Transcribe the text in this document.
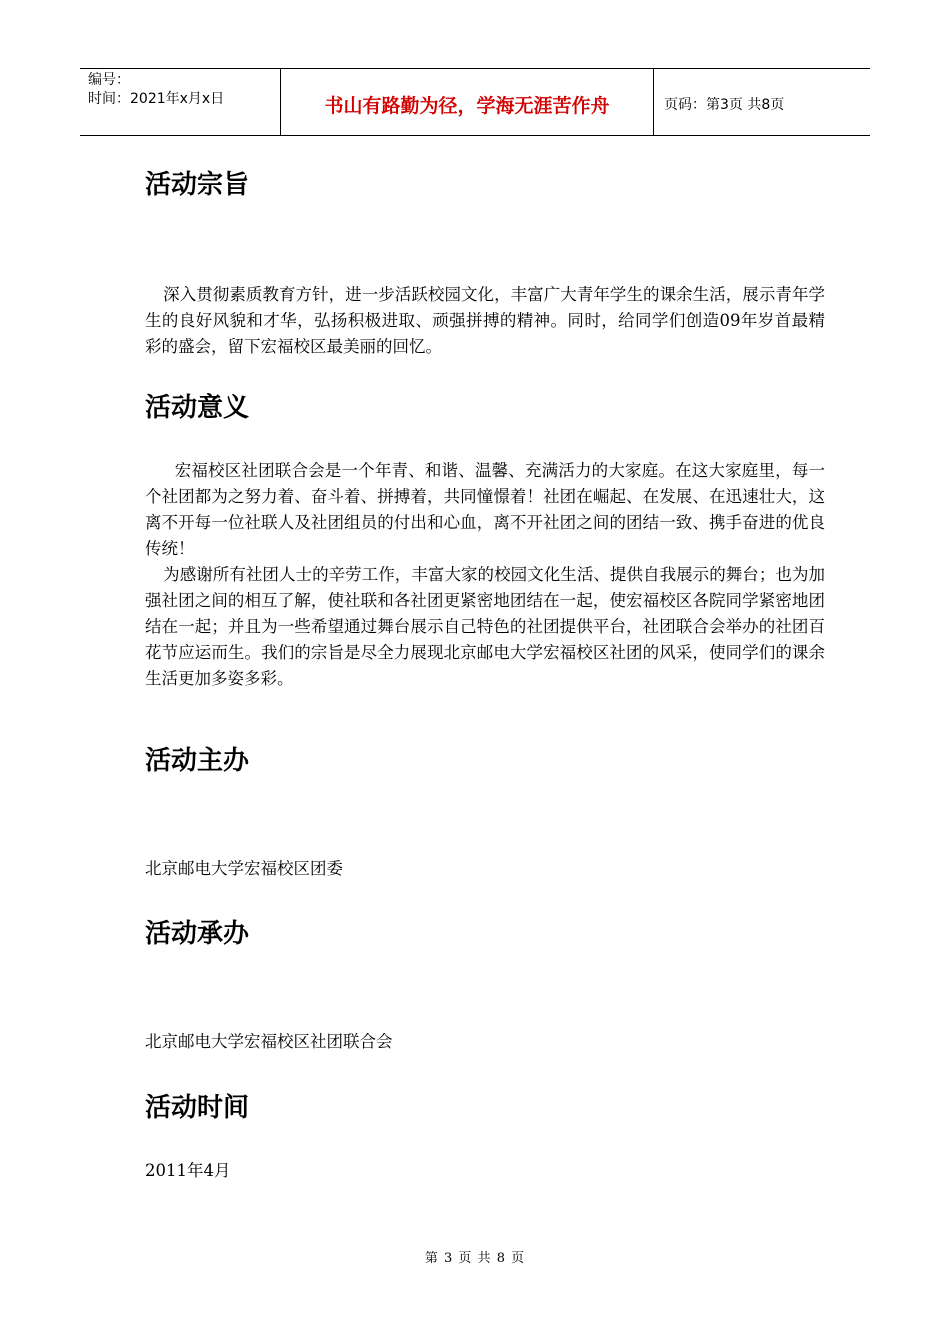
编号：
时间：2021年x月x日	书山有路勤为径，学海无涯苦作舟	页码：第3页 共8页
活动宗旨

深入贯彻素质教育方针，进一步活跃校园文化，丰富广大青年学生的课余生活，展示青年学生的良好风貌和才华，弘扬积极进取、顽强拼搏的精神。同时，给同学们创造09年岁首最精彩的盛会，留下宏福校区最美丽的回忆。

活动意义

宏福校区社团联合会是一个年青、和谐、温馨、充满活力的大家庭。在这大家庭里，每一个社团都为之努力着、奋斗着、拼搏着，共同憧憬着！社团在崛起、在发展、在迅速壮大，这离不开每一位社联人及社团组员的付出和心血，离不开社团之间的团结一致、携手奋进的优良传统！

为感谢所有社团人士的辛劳工作，丰富大家的校园文化生活、提供自我展示的舞台；也为加强社团之间的相互了解，使社联和各社团更紧密地团结在一起，使宏福校区各院同学紧密地团结在一起；并且为一些希望通过舞台展示自己特色的社团提供平台，社团联合会举办的社团百花节应运而生。我们的宗旨是尽全力展现北京邮电大学宏福校区社团的风采，使同学们的课余生活更加多姿多彩。

活动主办
北京邮电大学宏福校区团委
活动承办
北京邮电大学宏福校区社团联合会
活动时间
2011年4月
第 3 页 共 8 页
